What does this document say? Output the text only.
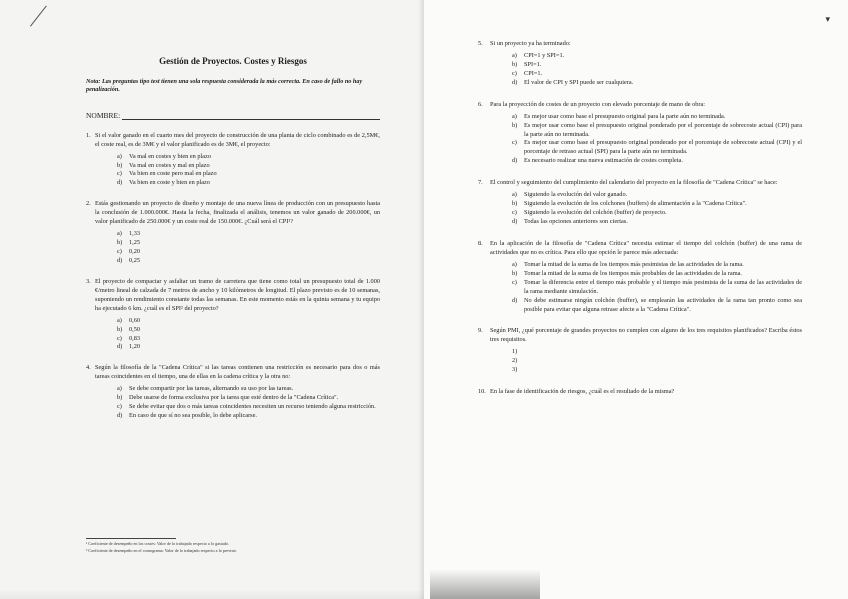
Gestión de Proyectos. Costes y Riesgos
Nota: Las preguntas tipo test tienen una sola respuesta considerada la más correcta. En caso de fallo no hay penalización.
NOMBRE:
1. Si el valor ganado en el cuarto mes del proyecto de construcción de una planta de ciclo combinado es de 2,5M€, el coste real, es de 3M€ y el valor planificado es de 3M€, el proyecto:
a)	Va mal en costes y bien en plazo
b)	Va mal en costes y mal en plazo
c)	Va bien en coste pero mal en plazo
d)	Va bien en coste y bien en plazo
2. Estás gestionando un proyecto de diseño y montaje de una nueva línea de producción con un presupuesto hasta la conclusión de 1.000.000€. Hasta la fecha, finalizada el análisis, tenemos un valor ganado de 200.000€, un valor planificado de 250.000€ y un coste real de 150.000€. ¿Cuál será el CPI¹?
a)	1,33
b)	1,25
c)	0,20
d)	0,25
3. El proyecto de compactar y asfaltar un tramo de carretera que tiene como total un presupuesto total de 1.000 €/metro lineal de calzada de 7 metros de ancho y 10 kilómetros de longitud. El plazo previsto es de 10 semanas, suponiendo un rendimiento constante todas las semanas. En este momento estás en la quinta semana y tu equipo ha ejecutado 6 km. ¿cuál es el SPI² del proyecto?
a)	0,60
b)	0,50
c)	0,83
d)	1,20
4. Según la filosofía de la "Cadena Crítica" si las tareas contienen una restricción es necesario para dos o más tareas coincidentes en el tiempo, una de ellas en la cadena crítica y la otra no:
a)	Se debe compartir por las tareas, alternando su uso por las tareas.
b)	Debe usarse de forma exclusiva por la tarea que esté dentro de la "Cadena Crítica".
c)	Se debe evitar que dos o más tareas coincidentes necesiten un recurso teniendo alguna restricción.
d)	En caso de que sí no sea posible, lo debe aplicarse.
¹ Coeficiente de desempeño en los costes: Valor de lo trabajado respecto a lo gastado.
² Coeficiente de desempeño en el cronograma. Valor de lo trabajado respecto a lo previsto
▾
5.	Si un proyecto ya ha terminado:
a)	CPI=1 y SPI=1.
b)	SPI=1.
c)	CPI=1.
d)	El valor de CPI y SPI puede ser cualquiera.
6.	Para la proyección de costes de un proyecto con elevado porcentaje de mano de obra:
a)	Es mejor usar como base el presupuesto original para la parte aún no terminada.
b)	Es mejor usar como base el presupuesto original ponderado por el porcentaje de sobrecoste actual (CPI) para la parte aún no terminada.
c)	Es mejor usar como base el presupuesto original ponderado por el porcentaje de sobrecoste actual (CPI) y el porcentaje de retraso actual (SPI) para la parte aún no terminada.
d)	Es necesario realizar una nueva estimación de costes completa.
7.	El control y seguimiento del cumplimiento del calendario del proyecto en la filosofía de "Cadena Crítica" se hace:
a)	Siguiendo la evolución del valor ganado.
b)	Siguiendo la evolución de los colchones (buffers) de alimentación a la "Cadena Crítica".
c)	Siguiendo la evolución del colchón (buffer) de proyecto.
d)	Todas las opciones anteriores son ciertas.
8.	En la aplicación de la filosofía de "Cadena Crítica" necesita estimar el tiempo del colchón (buffer) de una rama de actividades que no es crítica. Para ello que opción le parece más adecuada:
a)	Tomar la mitad de la suma de los tiempos más pesimistas de las actividades de la rama.
b)	Tomar la mitad de la suma de los tiempos más probables de las actividades de la rama.
c)	Tomar la diferencia entre el tiempo más probable y el tiempo más pesimista de la suma de las actividades de la rama mediante simulación.
d)	No debe estimarse ningún colchón (buffer), se emplearán las actividades de la rama tan pronto como sea posible para evitar que alguna retrase afecte a la "Cadena Crítica".
9.	Según PMI, ¿qué porcentaje de grandes proyectos no cumplen con alguno de los tres requisitos planificados? Escriba éstos tres requisitos.
1)
2)
3)
10. En la fase de identificación de riesgos, ¿cuál es el resultado de la misma?
